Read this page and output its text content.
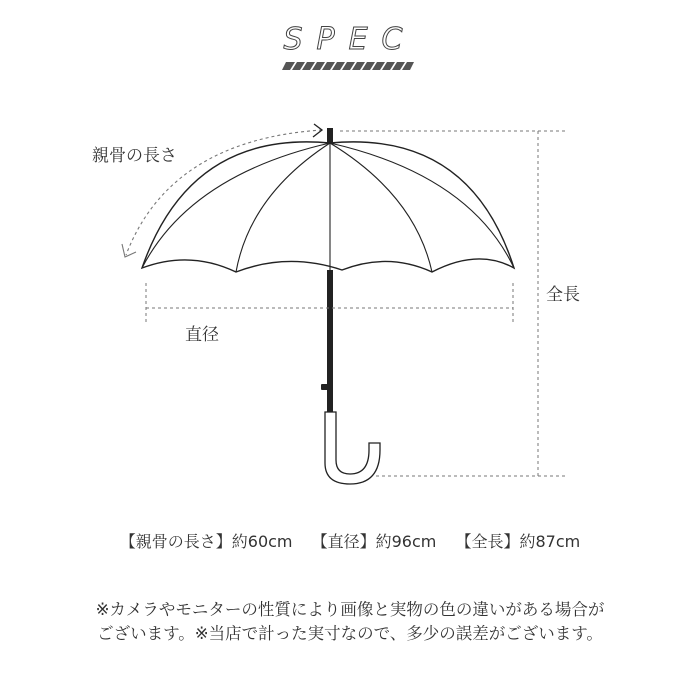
SPEC
親骨の長さ
直径
全長
【親骨の長さ】約60cm 【直径】約96cm 【全長】約87cm
※カメラやモニターの性質により画像と実物の色の違いがある場合が
ございます。※当店で計った実寸なので、多少の誤差がございます。
